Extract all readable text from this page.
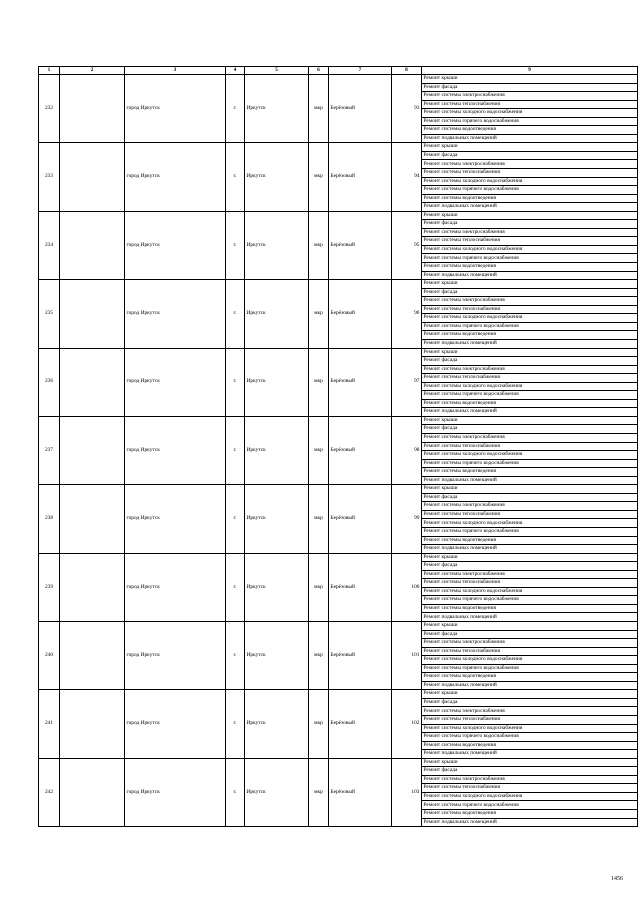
1	2	3	4	5	6	7	8	9
232		город Иркутск	г.	Иркутск	мкр	Берёзовый	93	Ремонт крыши
								Ремонт фасада
								Ремонт системы электроснабжения
								Ремонт системы теплоснабжения
								Ремонт системы холодного водоснабжения
								Ремонт системы горячего водоснабжения
								Ремонт системы водоотведения
								Ремонт подвальных помещений
233		город Иркутск	г.	Иркутск	мкр	Берёзовый	94	Ремонт крыши
								Ремонт фасада
								Ремонт системы электроснабжения
								Ремонт системы теплоснабжения
								Ремонт системы холодного водоснабжения
								Ремонт системы горячего водоснабжения
								Ремонт системы водоотведения
								Ремонт подвальных помещений
234		город Иркутск	г.	Иркутск	мкр	Берёзовый	95	Ремонт крыши
								Ремонт фасада
								Ремонт системы электроснабжения
								Ремонт системы теплоснабжения
								Ремонт системы холодного водоснабжения
								Ремонт системы горячего водоснабжения
								Ремонт системы водоотведения
								Ремонт подвальных помещений
235		город Иркутск	г.	Иркутск	мкр	Берёзовый	96	Ремонт крыши
								Ремонт фасада
								Ремонт системы электроснабжения
								Ремонт системы теплоснабжения
								Ремонт системы холодного водоснабжения
								Ремонт системы горячего водоснабжения
								Ремонт системы водоотведения
								Ремонт подвальных помещений
236		город Иркутск	г.	Иркутск	мкр	Берёзовый	97	Ремонт крыши
								Ремонт фасада
								Ремонт системы электроснабжения
								Ремонт системы теплоснабжения
								Ремонт системы холодного водоснабжения
								Ремонт системы горячего водоснабжения
								Ремонт системы водоотведения
								Ремонт подвальных помещений
237		город Иркутск	г.	Иркутск	мкр	Берёзовый	98	Ремонт крыши
								Ремонт фасада
								Ремонт системы электроснабжения
								Ремонт системы теплоснабжения
								Ремонт системы холодного водоснабжения
								Ремонт системы горячего водоснабжения
								Ремонт системы водоотведения
								Ремонт подвальных помещений
238		город Иркутск	г.	Иркутск	мкр	Берёзовый	99	Ремонт крыши
								Ремонт фасада
								Ремонт системы электроснабжения
								Ремонт системы теплоснабжения
								Ремонт системы холодного водоснабжения
								Ремонт системы горячего водоснабжения
								Ремонт системы водоотведения
								Ремонт подвальных помещений
239		город Иркутск	г.	Иркутск	мкр	Берёзовый	100	Ремонт крыши
								Ремонт фасада
								Ремонт системы электроснабжения
								Ремонт системы теплоснабжения
								Ремонт системы холодного водоснабжения
								Ремонт системы горячего водоснабжения
								Ремонт системы водоотведения
								Ремонт подвальных помещений
240		город Иркутск	г.	Иркутск	мкр	Берёзовый	101	Ремонт крыши
								Ремонт фасада
								Ремонт системы электроснабжения
								Ремонт системы теплоснабжения
								Ремонт системы холодного водоснабжения
								Ремонт системы горячего водоснабжения
								Ремонт системы водоотведения
								Ремонт подвальных помещений
241		город Иркутск	г.	Иркутск	мкр	Берёзовый	102	Ремонт крыши
								Ремонт фасада
								Ремонт системы электроснабжения
								Ремонт системы теплоснабжения
								Ремонт системы холодного водоснабжения
								Ремонт системы горячего водоснабжения
								Ремонт системы водоотведения
								Ремонт подвальных помещений
242		город Иркутск	г.	Иркутск	мкр	Берёзовый	103	Ремонт крыши
								Ремонт фасада
								Ремонт системы электроснабжения
								Ремонт системы теплоснабжения
								Ремонт системы холодного водоснабжения
								Ремонт системы горячего водоснабжения
								Ремонт системы водоотведения
								Ремонт подвальных помещений
1456
